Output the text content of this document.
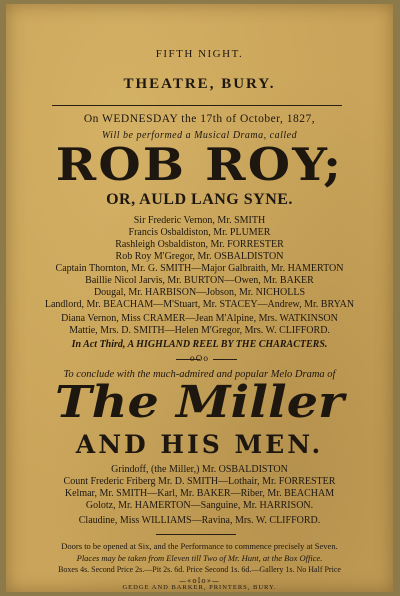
FIFTH NIGHT.
THEATRE, BURY.
On WEDNESDAY the 17th of October, 1827,
Will be performed a Musical Drama, called
ROB ROY;
OR, AULD LANG SYNE.
Sir Frederic Vernon, Mr. SMITH
Francis Osbaldiston, Mr. PLUMER
Rashleigh Osbaldiston, Mr. FORRESTER
Rob Roy M'Gregor, Mr. OSBALDISTON
Captain Thornton, Mr. G. SMITH—Major Galbraith, Mr. HAMERTON
Baillie Nicol Jarvis, Mr. BURTON—Owen, Mr. BAKER
Dougal, Mr. HARBISON—Jobson, Mr. NICHOLLS
Landlord, Mr. BEACHAM—M'Stuart, Mr. STACEY—Andrew, Mr. BRYAN
Diana Vernon, Miss CRAMER—Jean M'Alpine, Mrs. WATKINSON
Mattie, Mrs. D. SMITH—Helen M'Gregor, Mrs. W. CLIFFORD.
In Act Third, A HIGHLAND REEL BY THE CHARACTERS.
oOo
To conclude with the much-admired and popular Melo Drama of
The Miller
AND HIS MEN.
Grindoff, (the Miller,) Mr. OSBALDISTON
Count Frederic Friberg Mr. D. SMITH—Lothair, Mr. FORRESTER
Kelmar, Mr. SMITH—Karl, Mr. BAKER—Riber, Mr. BEACHAM
Golotz, Mr. HAMERTON—Sanguine, Mr. HARRISON.
Claudine, Miss WILLIAMS—Ravina, Mrs. W. CLIFFORD.
Doors to be opened at Six, and the Performance to commence precisely at Seven.
Places may be taken from Eleven till Two of Mr. Hunt, at the Box Office.
Boxes 4s. Second Price 2s.—Pit 2s. 6d. Price Second 1s. 6d.—Gallery 1s. No Half Price
—«oIo»—
GEDGE AND BARKER, PRINTERS, BURY.
